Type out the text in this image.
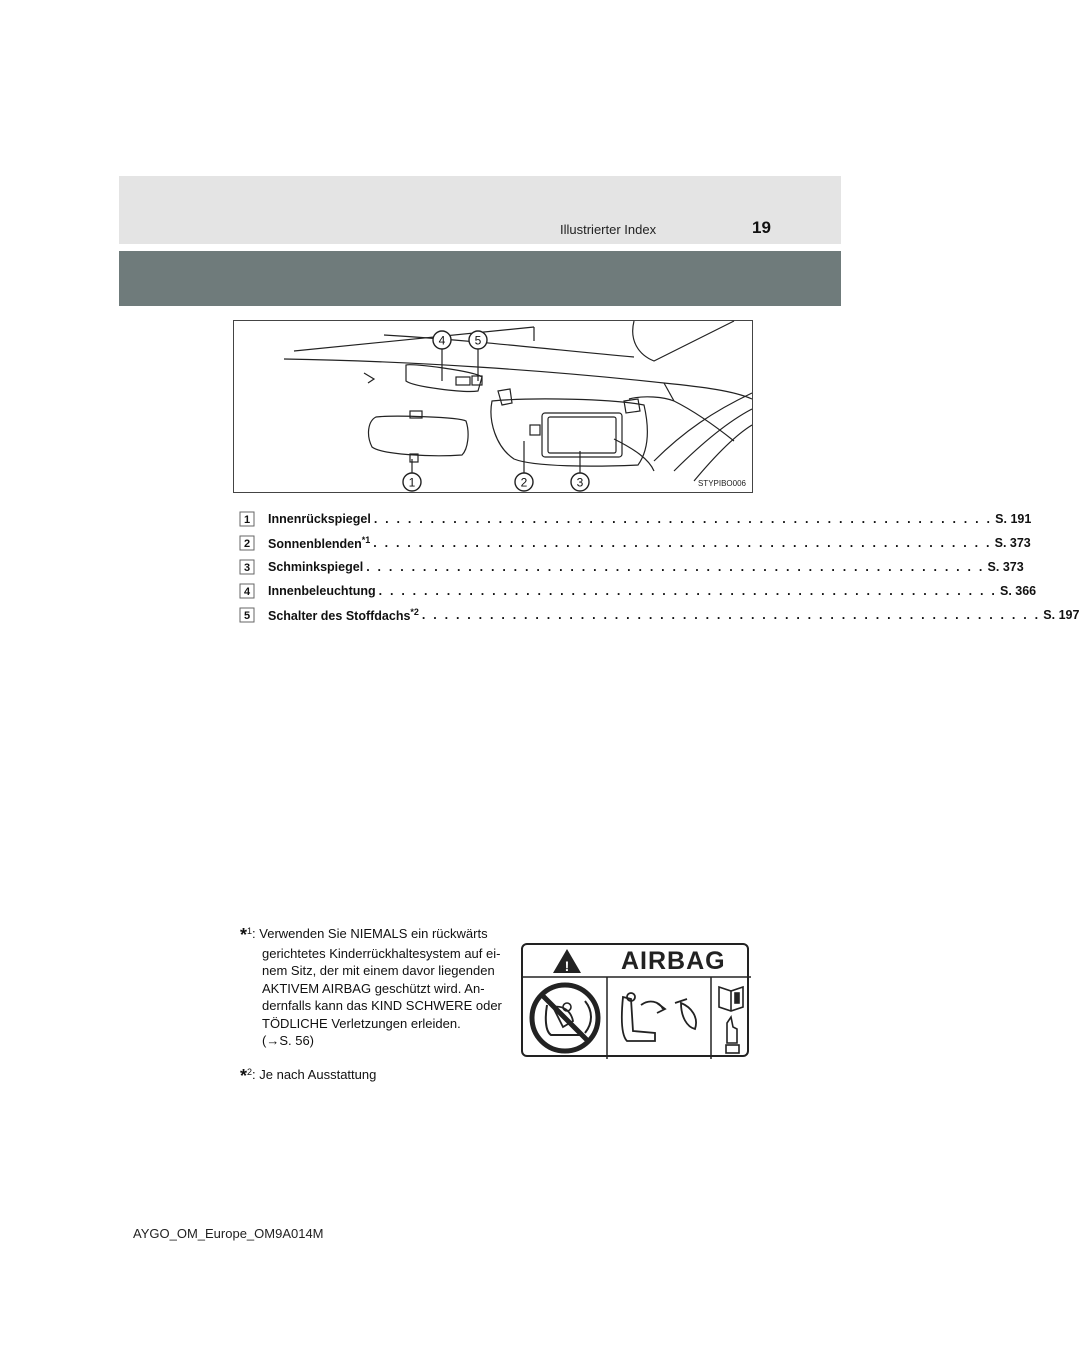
Illustrierter Index	19
4 5
1	2	3	STYPIBO006
1 Innenrückspiegel . . . . . . . . . . . . . . . . . . . . . . . . . . . . . . . . . . . . . . . . . . . . . . . . . . . . . . . S. 191
2 Sonnenblenden$^{*1}$ . . . . . . . . . . . . . . . . . . . . . . . . . . . . . . . . . . . . . . . . . . . . . . . . . . . . . . . S. 373
3 Schminkspiegel . . . . . . . . . . . . . . . . . . . . . . . . . . . . . . . . . . . . . . . . . . . . . . . . . . . . . . . S. 373
4 Innenbeleuchtung . . . . . . . . . . . . . . . . . . . . . . . . . . . . . . . . . . . . . . . . . . . . . . . . . . . . . . . S. 366
5 Schalter des Stoffdachs$^{*2}$ . . . . . . . . . . . . . . . . . . . . . . . . . . . . . . . . . . . . . . . . . . . . . . . . . . . . . . . S. 197
*$^1$: Verwenden Sie NIEMALS ein rückwärts
gerichtetes Kinderrückhaltesystem auf ei-
nem Sitz, der mit einem davor liegenden
AKTIVEM AIRBAG geschützt wird. An-
dernfalls kann das KIND SCHWERE oder
TÖDLICHE Verletzungen erleiden.
(→S. 56)
*$^2$: Je nach Ausstattung
! AIRBAG
AYGO_OM_Europe_OM9A014M
